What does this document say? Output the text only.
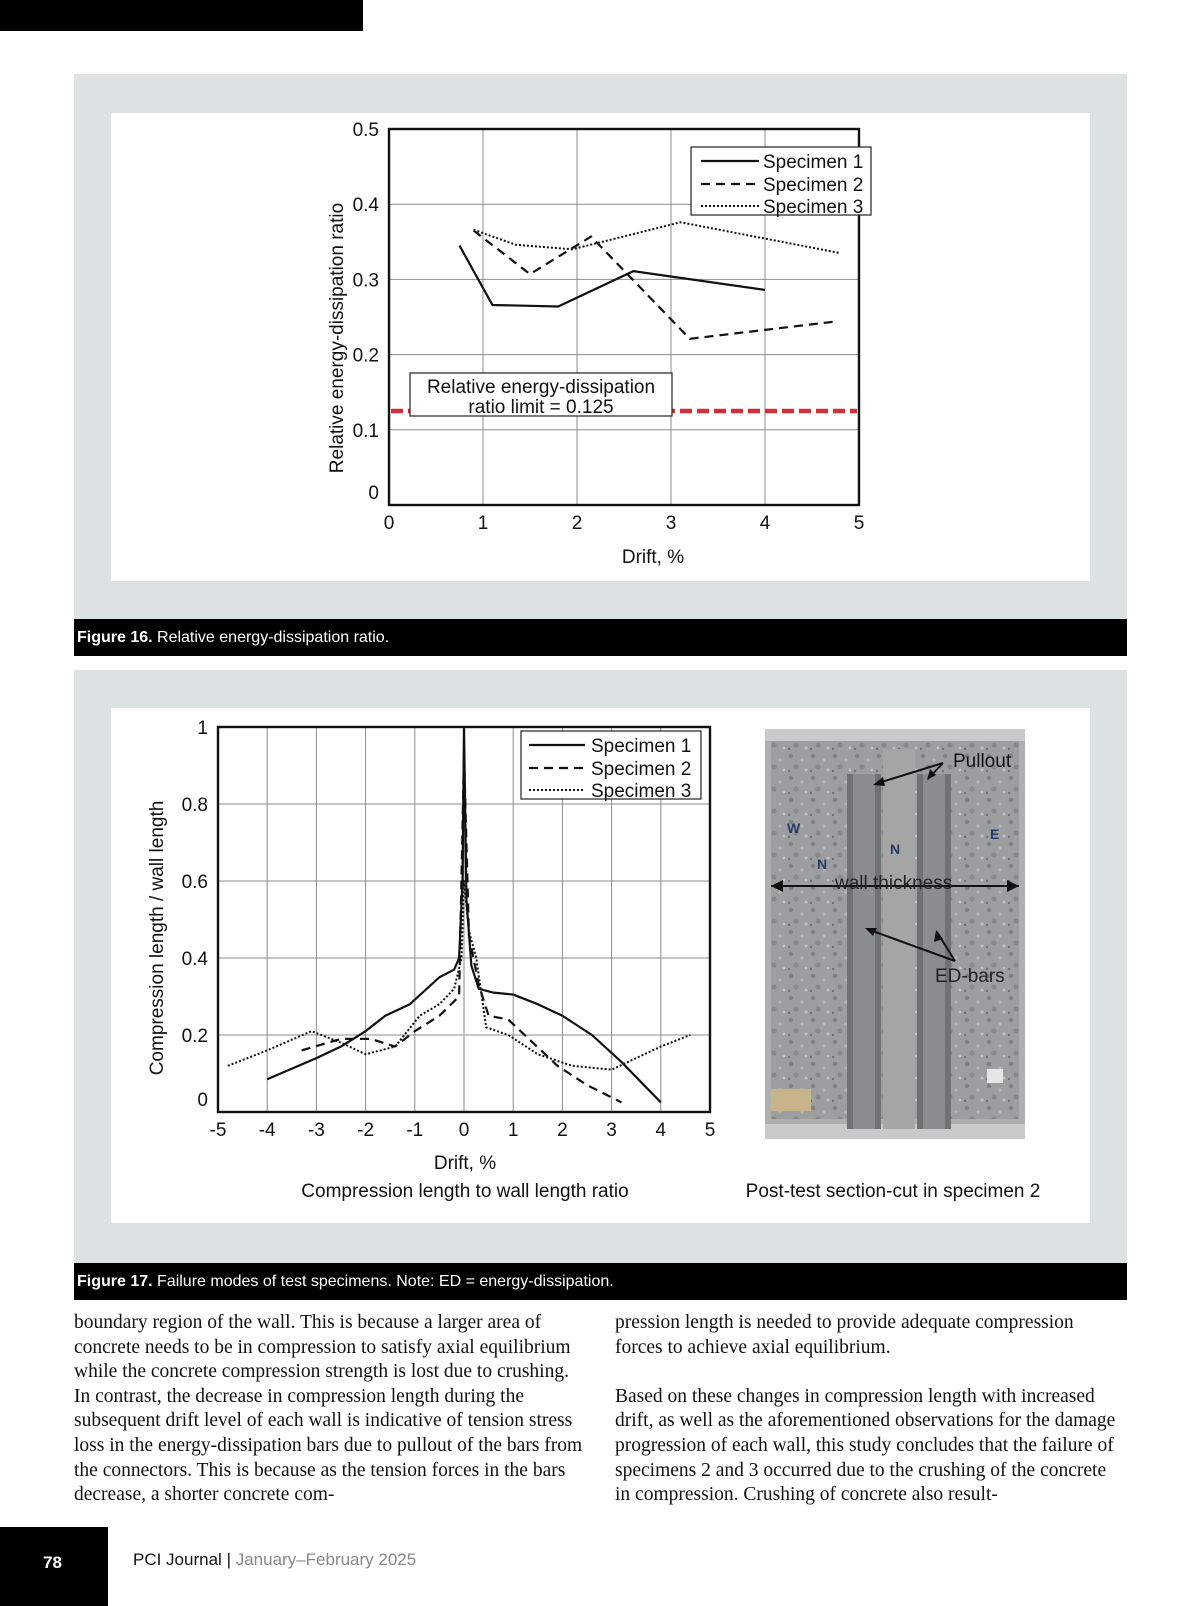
0	1	2	3	4	5
0
0.1
0.2
0.3
0.4
0.5
Relative energy-dissipation
ratio limit = 0.125
Specimen 1
Specimen 2
Specimen 3
Drift, %
Relative energy-dissipation ratio
Figure 16. Relative energy-dissipation ratio.
-5 -4 -3 -2 -1 0 1 2 3 4 5
0
0.2
0.4
0.6
0.8
1
Specimen 1
Specimen 2
Specimen 3
Drift, %
Compression length to wall length ratio
Compression length / wall length
Post-test section-cut in specimen 2
W
N
N
E
Pullout
wall thickness
ED-bars
Figure 17. Failure modes of test specimens. Note: ED = energy-dissipation.

boundary region of the wall. This is because a larger area of concrete needs to be in compression to satisfy axial equilibrium while the concrete compression strength is lost due to crushing. In contrast, the decrease in compression length during the subsequent drift level of each wall is indicative of tension stress loss in the energy-dissipation bars due to pullout of the bars from the connectors. This is because as the tension forces in the bars decrease, a shorter concrete com-

pression length is needed to provide adequate compression forces to achieve axial equilibrium.

Based on these changes in compression length with increased drift, as well as the aforementioned observations for the damage progression of each wall, this study concludes that the failure of specimens 2 and 3 occurred due to the crushing of the concrete in compression. Crushing of concrete also result-

78	PCI Journal | January–February 2025
